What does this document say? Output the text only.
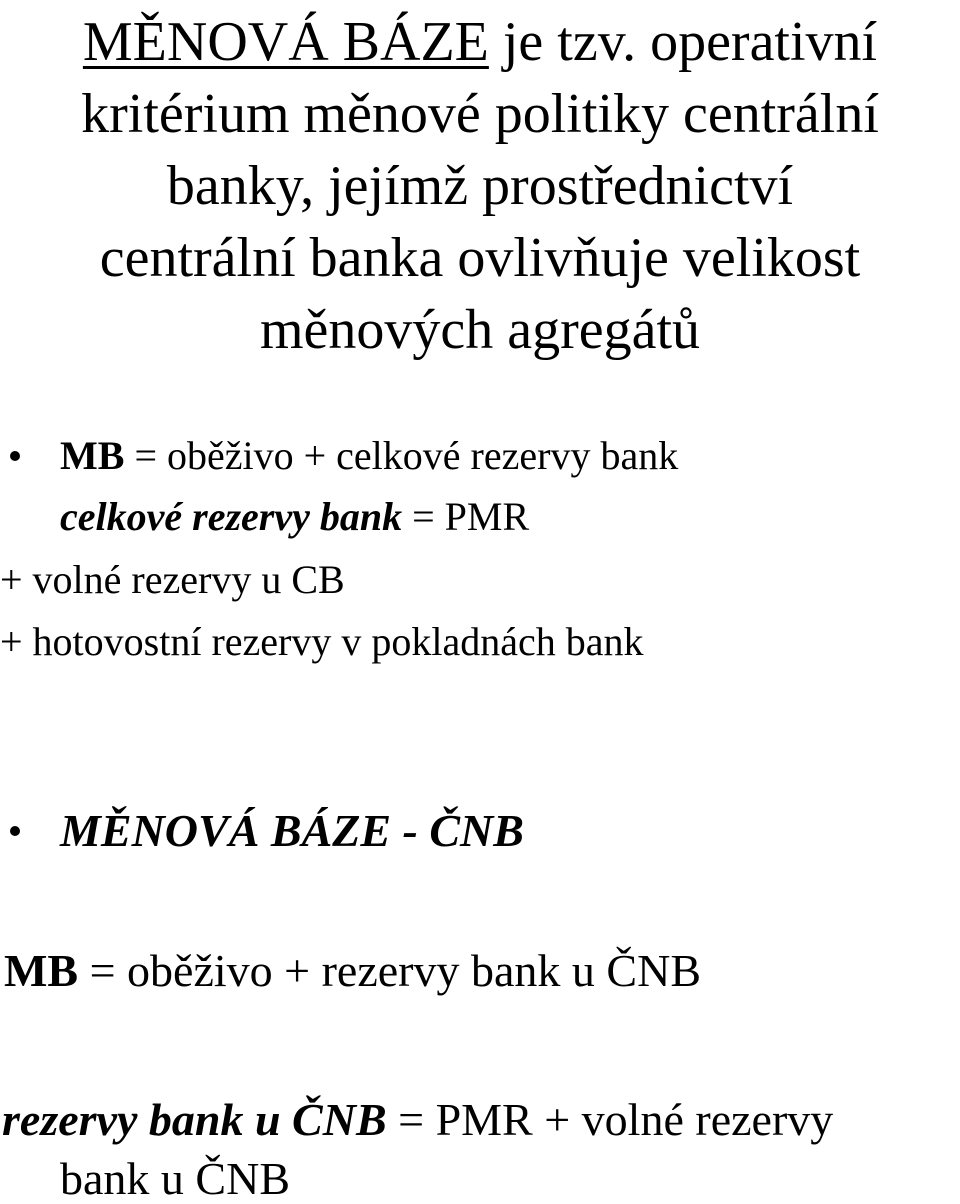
MĚNOVÁ BÁZE je tzv. operativní
kritérium měnové politiky centrální
banky, jejímž prostřednictví
centrální banka ovlivňuje velikost
měnových agregátů
MB = oběživo + celkové rezervy bank
celkové rezervy bank = PMR
+ volné rezervy u CB
+ hotovostní rezervy v pokladnách bank
MĚNOVÁ BÁZE - ČNB
MB = oběživo + rezervy bank u ČNB
rezervy bank u ČNB = PMR + volné rezervy
bank u ČNB
